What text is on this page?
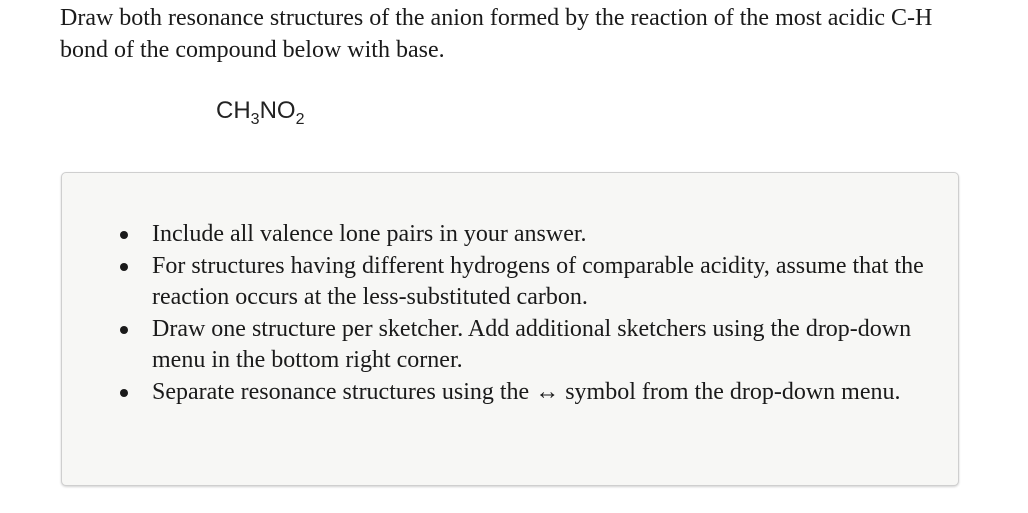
Draw both resonance structures of the anion formed by the reaction of the most acidic C-H bond of the compound below with base.

$CH_3NO_2$
Include all valence lone pairs in your answer.
For structures having different hydrogens of comparable acidity, assume that the reaction occurs at the less-substituted carbon.
Draw one structure per sketcher. Add additional sketchers using the drop-down menu in the bottom right corner.
Separate resonance structures using the ↔ symbol from the drop-down menu.
